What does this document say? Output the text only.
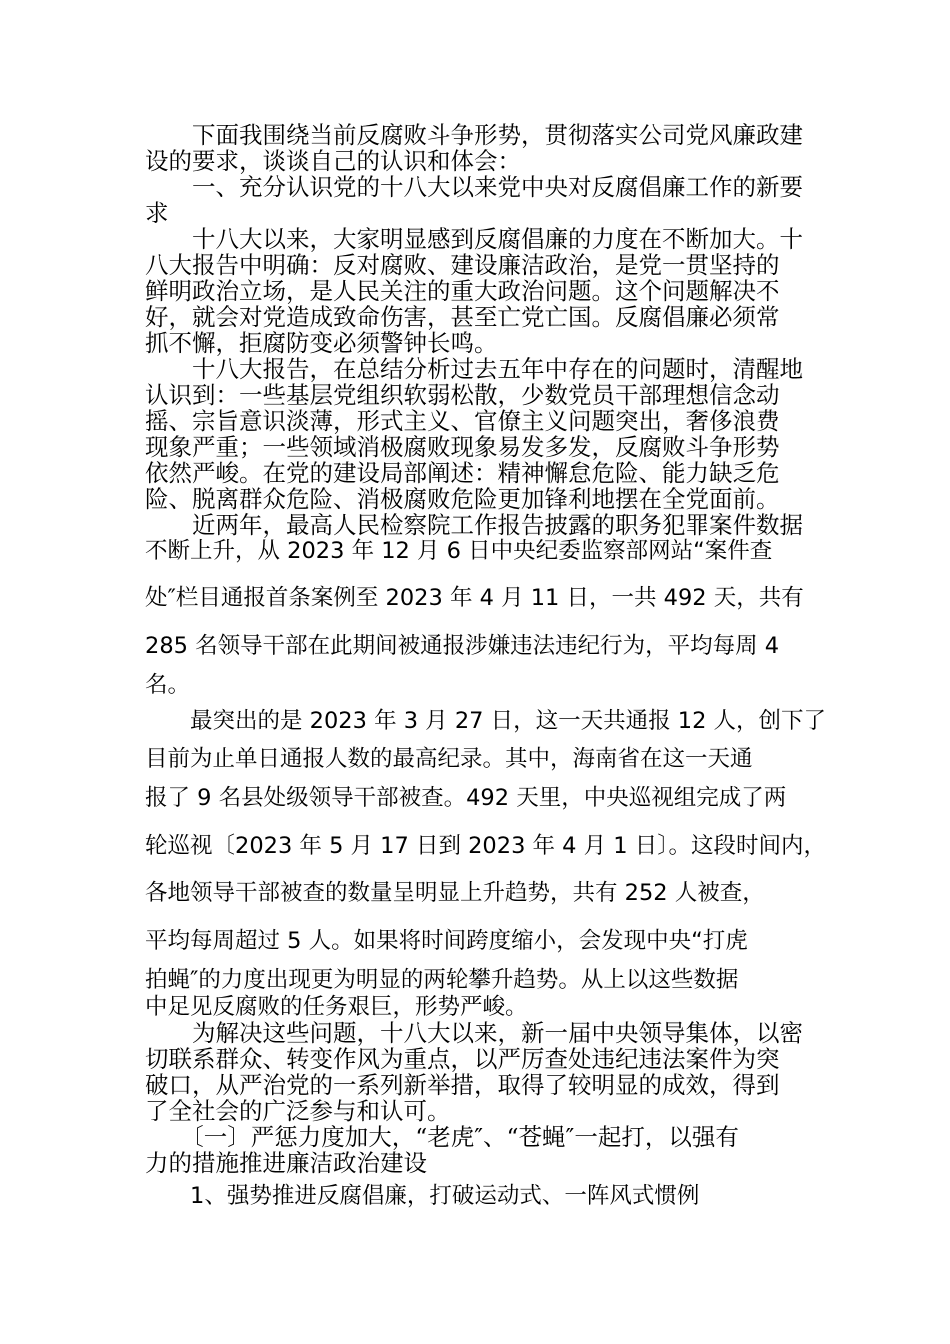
　　下面我围绕当前反腐败斗争形势，贯彻落实公司党风廉政建

设的要求，谈谈自己的认识和体会：

　　一、充分认识党的十八大以来党中央对反腐倡廉工作的新要

求

　　十八大以来，大家明显感到反腐倡廉的力度在不断加大。十

八大报告中明确：反对腐败、建设廉洁政治，是党一贯坚持的

鲜明政治立场，是人民关注的重大政治问题。这个问题解决不

好，就会对党造成致命伤害，甚至亡党亡国。反腐倡廉必须常

抓不懈，拒腐防变必须警钟长鸣。

　　十八大报告，在总结分析过去五年中存在的问题时，清醒地

认识到：一些基层党组织软弱松散，少数党员干部理想信念动

摇、宗旨意识淡薄，形式主义、官僚主义问题突出，奢侈浪费

现象严重；一些领域消极腐败现象易发多发，反腐败斗争形势

依然严峻。在党的建设局部阐述：精神懈怠危险、能力缺乏危

险、脱离群众危险、消极腐败危险更加锋利地摆在全党面前。

　　近两年，最高人民检察院工作报告披露的职务犯罪案件数据

不断上升，从 2023 年 12 月 6 日中央纪委监察部网站“案件查

处″栏目通报首条案例至 2023 年 4 月 11 日，一共 492 天，共有

285 名领导干部在此期间被通报涉嫌违法违纪行为，平均每周 4

名。

　　最突出的是 2023 年 3 月 27 日，这一天共通报 12 人，创下了

目前为止单日通报人数的最高纪录。其中，海南省在这一天通

报了 9 名县处级领导干部被查。492 天里，中央巡视组完成了两

轮巡视〔2023 年 5 月 17 日到 2023 年 4 月 1 日〕。这段时间内，

各地领导干部被查的数量呈明显上升趋势，共有 252 人被查，

平均每周超过 5 人。如果将时间跨度缩小，会发现中央“打虎

拍蝇″的力度出现更为明显的两轮攀升趋势。从上以这些数据

中足见反腐败的任务艰巨，形势严峻。

　　为解决这些问题，十八大以来，新一届中央领导集体，以密

切联系群众、转变作风为重点，以严厉查处违纪违法案件为突

破口，从严治党的一系列新举措，取得了较明显的成效，得到

了全社会的广泛参与和认可。

　　〔一〕严惩力度加大，“老虎″、“苍蝇″一起打，以强有

力的措施推进廉洁政治建设

　　1、强势推进反腐倡廉，打破运动式、一阵风式惯例
